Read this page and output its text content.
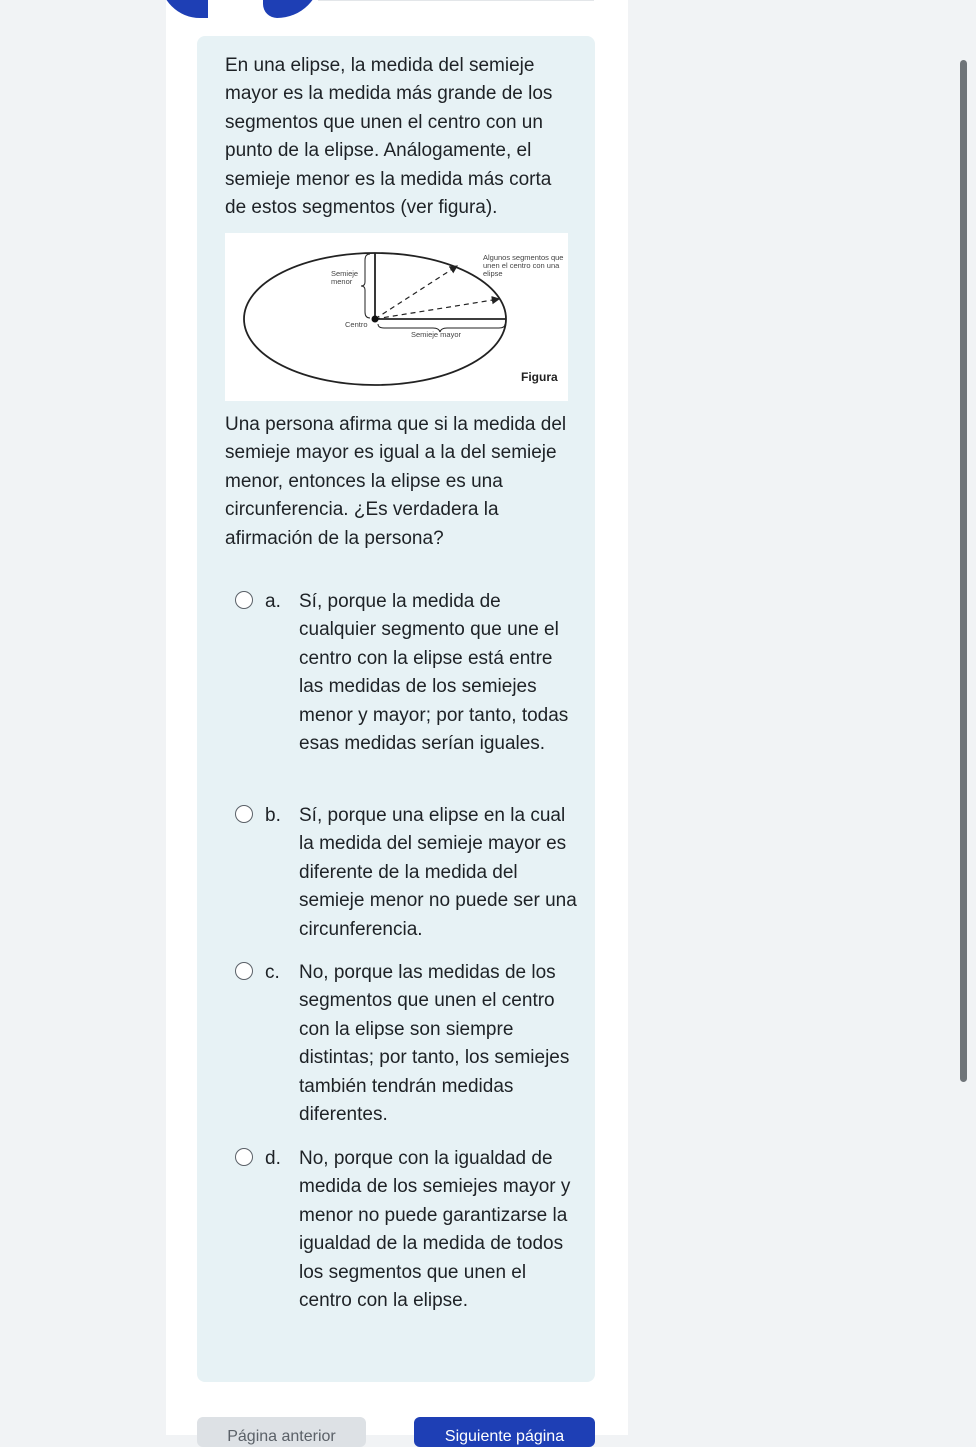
En una elipse, la medida del semieje mayor es la medida más grande de los segmentos que unen el centro con un punto de la elipse. Análogamente, el semieje menor es la medida más corta de estos segmentos (ver figura).

Algunos segmentos que unen el centro con una elipse
Semieje menor
Centro
Semieje mayor
Figura

Una persona afirma que si la medida del semieje mayor es igual a la del semieje menor, entonces la elipse es una circunferencia. ¿Es verdadera la afirmación de la persona?

a. Sí, porque la medida de cualquier segmento que une el centro con la elipse está entre las medidas de los semiejes menor y mayor; por tanto, todas esas medidas serían iguales.

b. Sí, porque una elipse en la cual la medida del semieje mayor es diferente de la medida del semieje menor no puede ser una circunferencia.

c. No, porque las medidas de los segmentos que unen el centro con la elipse son siempre distintas; por tanto, los semiejes también tendrán medidas diferentes.

d. No, porque con la igualdad de medida de los semiejes mayor y menor no puede garantizarse la igualdad de la medida de todos los segmentos que unen el centro con la elipse.

Página anterior	Siguiente página
